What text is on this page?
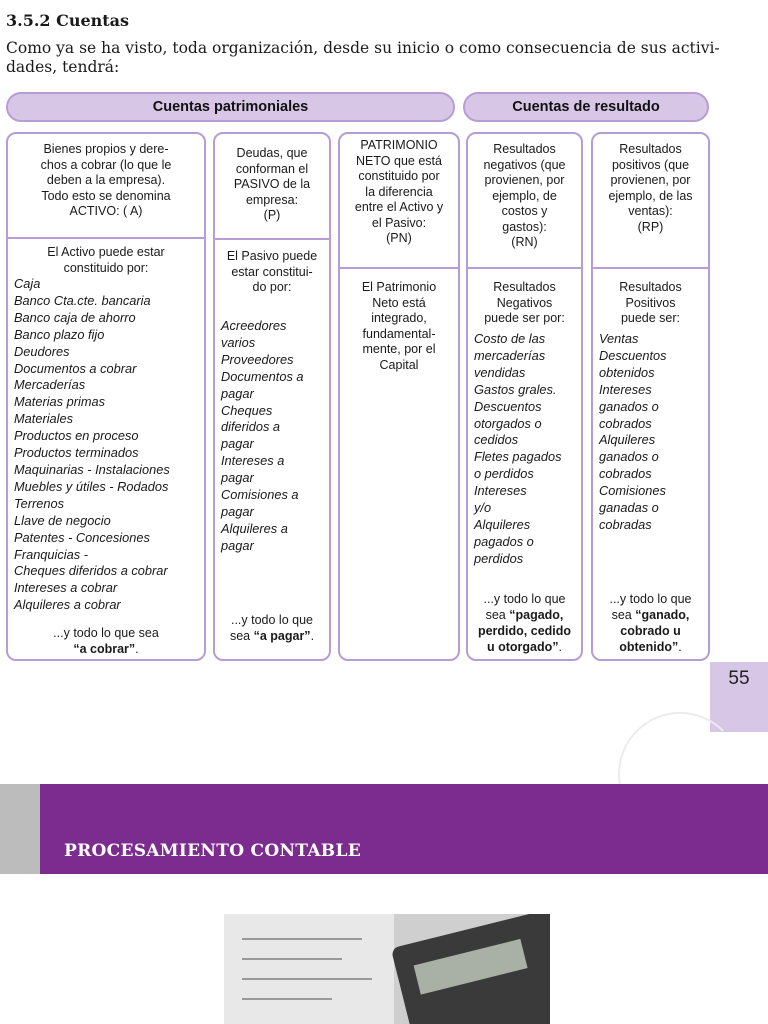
3.5.2 Cuentas
Como ya se ha visto, toda organización, desde su inicio o como consecuencia de sus activi-
dades, tendrá:
Cuentas patrimoniales	Cuentas de resultado
Bienes propios y dere-
chos a cobrar (lo que le
deben a la empresa).
Todo esto se denomina
ACTIVO: ( A)
El Activo puede estar
constituido por:
Caja
Banco Cta.cte. bancaria
Banco caja de ahorro
Banco plazo fijo
Deudores
Documentos a cobrar
Mercaderías
Materias primas
Materiales
Productos en proceso
Productos terminados
Maquinarias - Instalaciones
Muebles y útiles - Rodados
Terrenos
Llave de negocio
Patentes - Concesiones
Franquicias -
Cheques diferidos a cobrar
Intereses a cobrar
Alquileres a cobrar
...y todo lo que sea
“a cobrar”.
Deudas, que
conforman el
PASIVO de la
empresa:
(P)
El Pasivo puede
estar constitui-
do por:
Acreedores
varios
Proveedores
Documentos a
pagar
Cheques
diferidos a
pagar
Intereses a
pagar
Comisiones a
pagar
Alquileres a
pagar
...y todo lo que
sea “a pagar”.
PATRIMONIO
NETO que está
constituido por
la diferencia
entre el Activo y
el Pasivo:
(PN)
El Patrimonio
Neto está
integrado,
fundamental-
mente, por el
Capital
Resultados
negativos (que
provienen, por
ejemplo, de
costos y
gastos):
(RN)
Resultados
Negativos
puede ser por:
Costo de las
mercaderías
vendidas
Gastos grales.
Descuentos
otorgados o
cedidos
Fletes pagados
o perdidos
Intereses
y/o
Alquileres
pagados o
perdidos
...y todo lo que
sea “pagado,
perdido, cedido
u otorgado”.
Resultados
positivos (que
provienen, por
ejemplo, de las
ventas):
(RP)
Resultados
Positivos
puede ser:
Ventas
Descuentos
obtenidos
Intereses
ganados o
cobrados
Alquileres
ganados o
cobrados
Comisiones
ganadas o
cobradas
...y todo lo que
sea “ganado,
cobrado u
obtenido”.
55
PROCESAMIENTO CONTABLE
